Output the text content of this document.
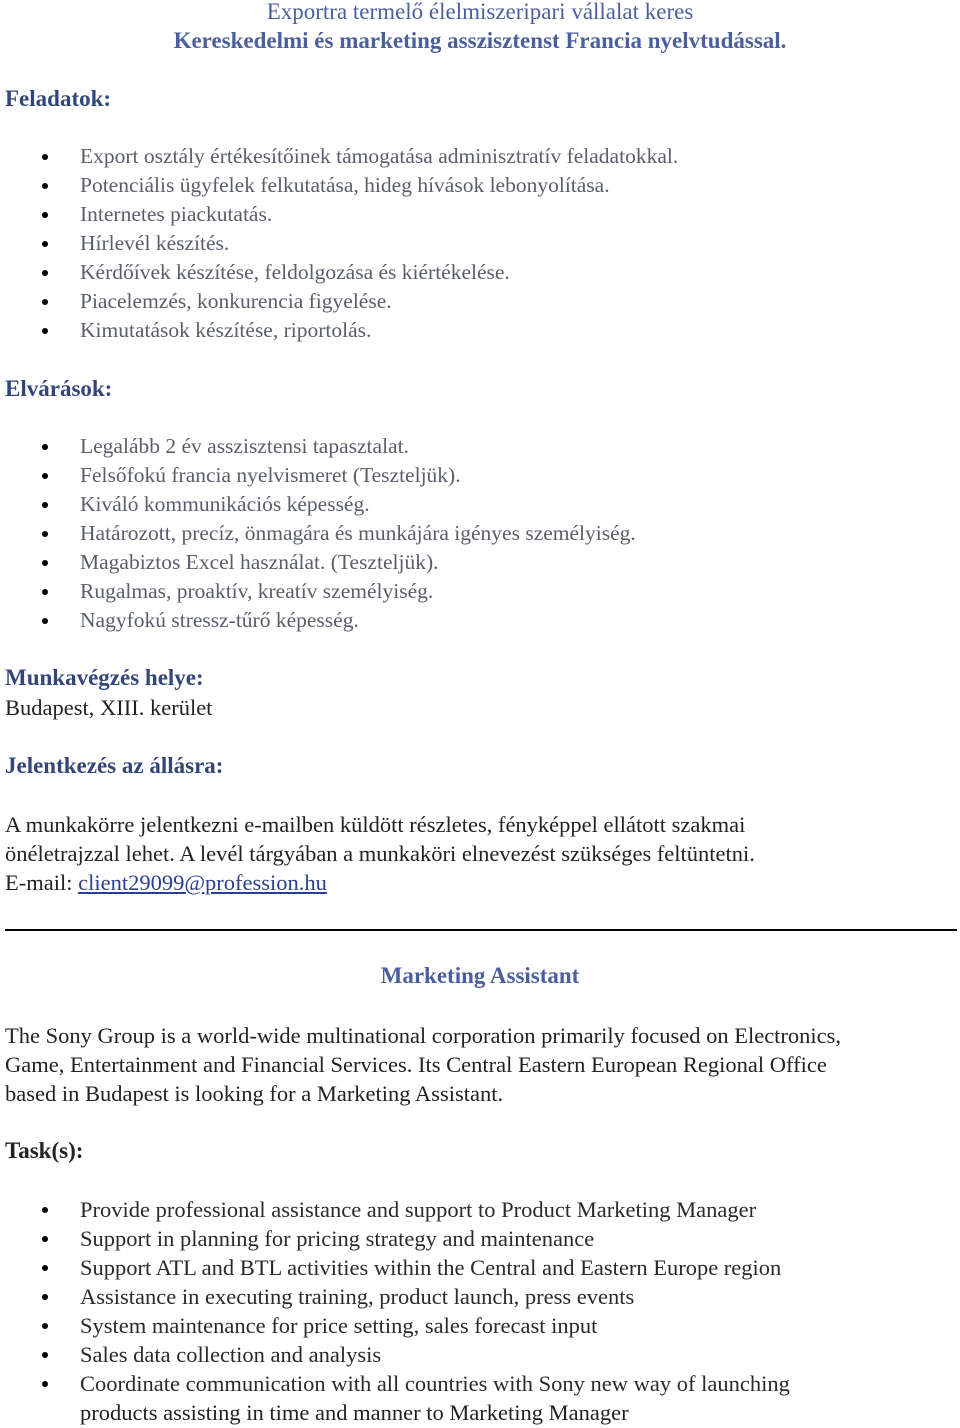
Exportra termelő élelmiszeripari vállalat keres
Kereskedelmi és marketing asszisztenst Francia nyelvtudással.
Feladatok:
Export osztály értékesítőinek támogatása adminisztratív feladatokkal.
Potenciális ügyfelek felkutatása, hideg hívások lebonyolítása.
Internetes piackutatás.
Hírlevél készítés.
Kérdőívek készítése, feldolgozása és kiértékelése.
Piacelemzés, konkurencia figyelése.
Kimutatások készítése, riportolás.
Elvárások:
Legalább 2 év asszisztensi tapasztalat.
Felsőfokú francia nyelvismeret (Teszteljük).
Kiváló kommunikációs képesség.
Határozott, precíz, önmagára és munkájára igényes személyiség.
Magabiztos Excel használat. (Teszteljük).
Rugalmas, proaktív, kreatív személyiség.
Nagyfokú stressz-tűrő képesség.
Munkavégzés helye:
Budapest, XIII. kerület
Jelentkezés az állásra:
A munkakörre jelentkezni e-mailben küldött részletes, fényképpel ellátott szakmai
önéletrajzzal lehet. A levél tárgyában a munkaköri elnevezést szükséges feltüntetni.
E-mail: client29099@profession.hu
Marketing Assistant
The Sony Group is a world-wide multinational corporation primarily focused on Electronics,
Game, Entertainment and Financial Services. Its Central Eastern European Regional Office
based in Budapest is looking for a Marketing Assistant.
Task(s):
Provide professional assistance and support to Product Marketing Manager
Support in planning for pricing strategy and maintenance
Support ATL and BTL activities within the Central and Eastern Europe region
Assistance in executing training, product launch, press events
System maintenance for price setting, sales forecast input
Sales data collection and analysis
Coordinate communication with all countries with Sony new way of launching
products assisting in time and manner to Marketing Manager
